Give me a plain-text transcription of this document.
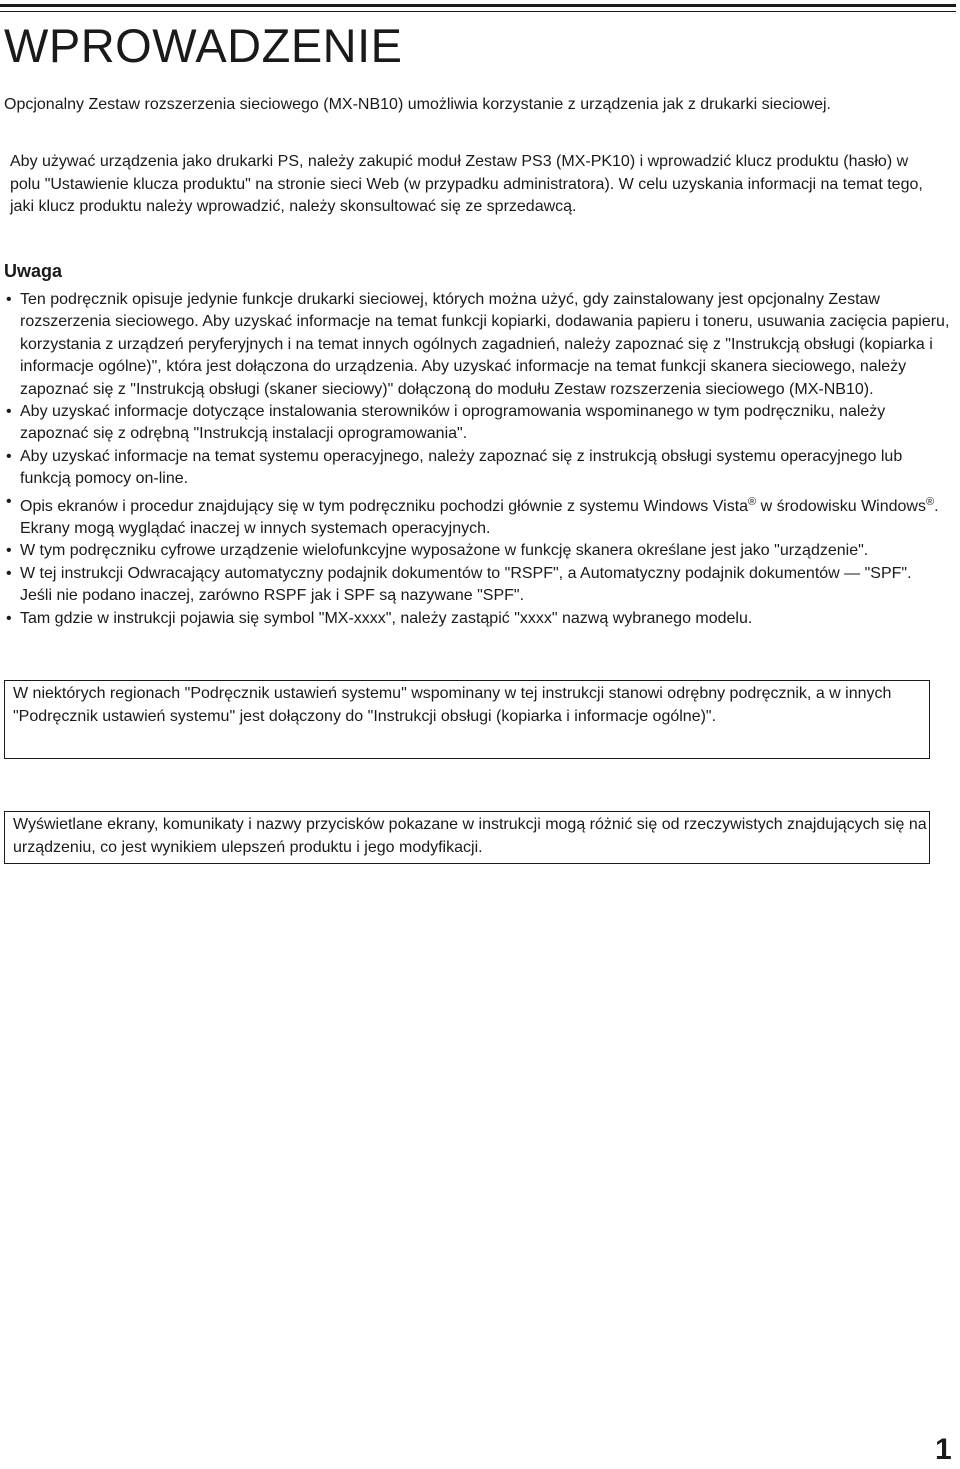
WPROWADZENIE

Opcjonalny Zestaw rozszerzenia sieciowego (MX-NB10) umożliwia korzystanie z urządzenia jak z drukarki sieciowej.

Aby używać urządzenia jako drukarki PS, należy zakupić moduł Zestaw PS3 (MX-PK10) i wprowadzić klucz produktu (hasło) w polu "Ustawienie klucza produktu" na stronie sieci Web (w przypadku administratora). W celu uzyskania informacji na temat tego, jaki klucz produktu należy wprowadzić, należy skonsultować się ze sprzedawcą.

Uwaga
• Ten podręcznik opisuje jedynie funkcje drukarki sieciowej, których można użyć, gdy zainstalowany jest opcjonalny Zestaw rozszerzenia sieciowego. Aby uzyskać informacje na temat funkcji kopiarki, dodawania papieru i toneru, usuwania zacięcia papieru, korzystania z urządzeń peryferyjnych i na temat innych ogólnych zagadnień, należy zapoznać się z "Instrukcją obsługi (kopiarka i informacje ogólne)", która jest dołączona do urządzenia. Aby uzyskać informacje na temat funkcji skanera sieciowego, należy zapoznać się z "Instrukcją obsługi (skaner sieciowy)" dołączoną do modułu Zestaw rozszerzenia sieciowego (MX-NB10).
• Aby uzyskać informacje dotyczące instalowania sterowników i oprogramowania wspominanego w tym podręczniku, należy zapoznać się z odrębną "Instrukcją instalacji oprogramowania".
• Aby uzyskać informacje na temat systemu operacyjnego, należy zapoznać się z instrukcją obsługi systemu operacyjnego lub funkcją pomocy on-line.
• Opis ekranów i procedur znajdujący się w tym podręczniku pochodzi głównie z systemu Windows Vista® w środowisku Windows®. Ekrany mogą wyglądać inaczej w innych systemach operacyjnych.
• W tym podręczniku cyfrowe urządzenie wielofunkcyjne wyposażone w funkcję skanera określane jest jako "urządzenie".
• W tej instrukcji Odwracający automatyczny podajnik dokumentów to "RSPF", a Automatyczny podajnik dokumentów — "SPF".
Jeśli nie podano inaczej, zarówno RSPF jak i SPF są nazywane "SPF".
• Tam gdzie w instrukcji pojawia się symbol "MX-xxxx", należy zastąpić "xxxx" nazwą wybranego modelu.
W niektórych regionach "Podręcznik ustawień systemu" wspominany w tej instrukcji stanowi odrębny podręcznik, a w innych "Podręcznik ustawień systemu" jest dołączony do "Instrukcji obsługi (kopiarka i informacje ogólne)".
Wyświetlane ekrany, komunikaty i nazwy przycisków pokazane w instrukcji mogą różnić się od rzeczywistych znajdujących się na urządzeniu, co jest wynikiem ulepszeń produktu i jego modyfikacji.
1
